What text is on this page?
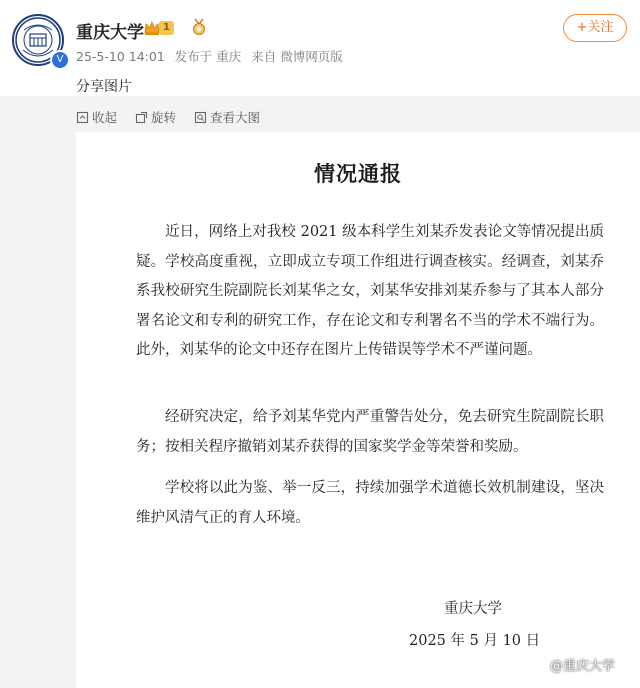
V
重庆大学	1
25-5-10 14:01 发布于 重庆 来自 微博网页版
+关注
分享图片
收起	旋转	查看大图
情况通报

近日，网络上对我校 2021 级本科学生刘某乔发表论文等情况提出质疑。学校高度重视，立即成立专项工作组进行调查核实。经调查，刘某乔系我校研究生院副院长刘某华之女，刘某华安排刘某乔参与了其本人部分署名论文和专利的研究工作，存在论文和专利署名不当的学术不端行为。此外，刘某华的论文中还存在图片上传错误等学术不严谨问题。

经研究决定，给予刘某华党内严重警告处分，免去研究生院副院长职务；按相关程序撤销刘某乔获得的国家奖学金等荣誉和奖励。

学校将以此为鉴、举一反三，持续加强学术道德长效机制建设，坚决维护风清气正的育人环境。

重庆大学
2025 年 5 月 10 日
@重庆大学
